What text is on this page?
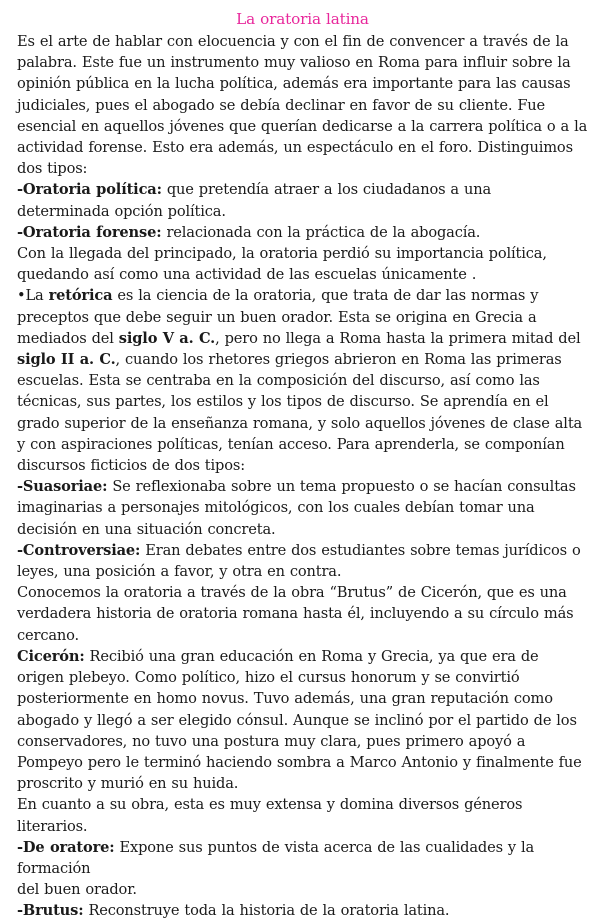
La oratoria latina

Es el arte de hablar con elocuencia y con el fin de convencer a través de la palabra. Este fue un instrumento muy valioso en Roma para influir sobre la opinión pública en la lucha política, además era importante para las causas judiciales, pues el abogado se debía declinar en favor de su cliente. Fue esencial en aquellos jóvenes que querían dedicarse a la carrera política o a la actividad forense. Esto era además, un espectáculo en el foro. Distinguimos dos tipos:

-Oratoria política: que pretendía atraer a los ciudadanos a una determinada opción política.

-Oratoria forense: relacionada con la práctica de la abogacía.

Con la llegada del principado, la oratoria perdió su importancia política, quedando así como una actividad de las escuelas únicamente .

•La retórica es la ciencia de la oratoria, que trata de dar las normas y preceptos que debe seguir un buen orador. Esta se origina en Grecia a mediados del siglo V a. C., pero no llega a Roma hasta la primera mitad del siglo II a. C., cuando los rhetores griegos abrieron en Roma las primeras escuelas. Esta se centraba en la composición del discurso, así como las técnicas, sus partes, los estilos y los tipos de discurso. Se aprendía en el grado superior de la enseñanza romana, y solo aquellos jóvenes de clase alta y con aspiraciones políticas, tenían acceso. Para aprenderla, se componían discursos ficticios de dos tipos:

-Suasoriae: Se reflexionaba sobre un tema propuesto o se hacían consultas imaginarias a personajes mitológicos, con los cuales debían tomar una decisión en una situación concreta.

-Controversiae: Eran debates entre dos estudiantes sobre temas jurídicos o leyes, una posición a favor, y otra en contra.

Conocemos la oratoria a través de la obra “Brutus” de Cicerón, que es una verdadera historia de oratoria romana hasta él, incluyendo a su círculo más cercano.

Cicerón: Recibió una gran educación en Roma y Grecia, ya que era de origen plebeyo. Como político, hizo el cursus honorum y se convirtió posteriormente en homo novus. Tuvo además, una gran reputación como abogado y llegó a ser elegido cónsul. Aunque se inclinó por el partido de los conservadores, no tuvo una postura muy clara, pues primero apoyó a Pompeyo pero le terminó haciendo sombra a Marco Antonio y finalmente fue proscrito y murió en su huida.

En cuanto a su obra, esta es muy extensa y domina diversos géneros literarios.

-De oratore: Expone sus puntos de vista acerca de las cualidades y la formación
del buen orador.

-Brutus: Reconstruye toda la historia de la oratoria latina.
